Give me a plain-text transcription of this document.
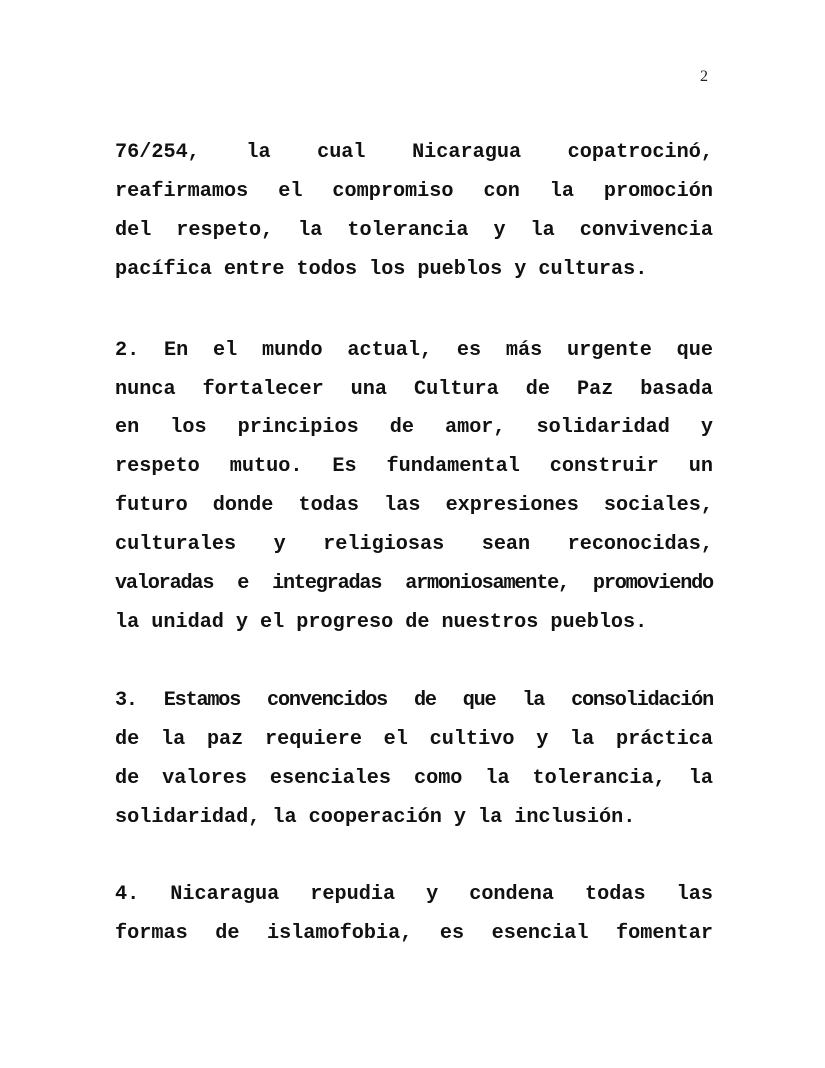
2
76/254, la cual Nicaragua copatrocinó,
reafirmamos el compromiso con la promoción
del respeto, la tolerancia y la convivencia
pacífica entre todos los pueblos y culturas.
2. En el mundo actual, es más urgente que
nunca fortalecer una Cultura de Paz basada
en los principios de amor, solidaridad y
respeto mutuo. Es fundamental construir un
futuro donde todas las expresiones sociales,
culturales y religiosas sean reconocidas,
valoradas e integradas armoniosamente, promoviendo
la unidad y el progreso de nuestros pueblos.
3. Estamos convencidos de que la consolidación
de la paz requiere el cultivo y la práctica
de valores esenciales como la tolerancia, la
solidaridad, la cooperación y la inclusión.
4. Nicaragua repudia y condena todas las
formas de islamofobia, es esencial fomentar
